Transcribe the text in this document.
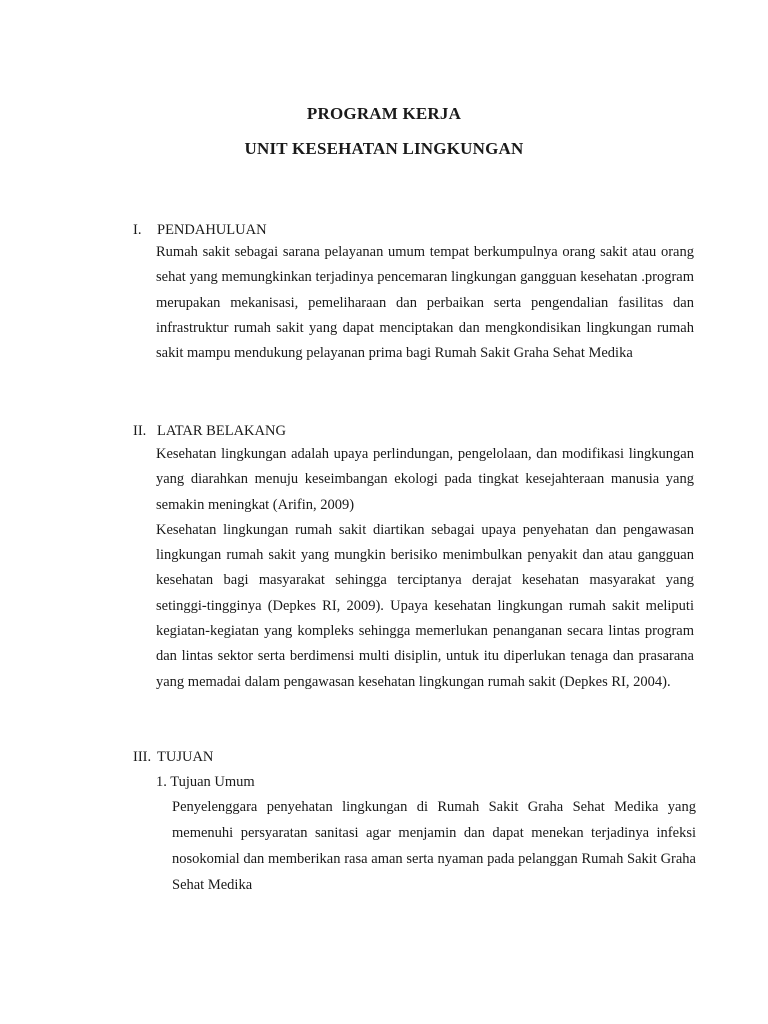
PROGRAM KERJA
UNIT KESEHATAN LINGKUNGAN
I. PENDAHULUAN

Rumah sakit sebagai sarana pelayanan umum tempat berkumpulnya orang sakit atau orang sehat yang memungkinkan terjadinya pencemaran lingkungan gangguan kesehatan .program merupakan mekanisasi, pemeliharaan dan perbaikan serta pengendalian fasilitas dan infrastruktur rumah sakit yang dapat menciptakan dan mengkondisikan lingkungan rumah sakit mampu mendukung pelayanan prima bagi Rumah Sakit Graha Sehat Medika

II. LATAR BELAKANG

Kesehatan lingkungan adalah upaya perlindungan, pengelolaan, dan modifikasi lingkungan yang diarahkan menuju keseimbangan ekologi pada tingkat kesejahteraan manusia yang semakin meningkat (Arifin, 2009)

Kesehatan lingkungan rumah sakit diartikan sebagai upaya penyehatan dan pengawasan lingkungan rumah sakit yang mungkin berisiko menimbulkan penyakit dan atau gangguan kesehatan bagi masyarakat sehingga terciptanya derajat kesehatan masyarakat yang setinggi-tingginya (Depkes RI, 2009). Upaya kesehatan lingkungan rumah sakit meliputi kegiatan-kegiatan yang kompleks sehingga memerlukan penanganan secara lintas program dan lintas sektor serta berdimensi multi disiplin, untuk itu diperlukan tenaga dan prasarana yang memadai dalam pengawasan kesehatan lingkungan rumah sakit (Depkes RI, 2004).

III. TUJUAN
1. Tujuan Umum
Penyelenggara penyehatan lingkungan di Rumah Sakit Graha Sehat Medika yang memenuhi persyaratan sanitasi agar menjamin dan dapat menekan terjadinya infeksi nosokomial dan memberikan rasa aman serta nyaman pada pelanggan Rumah Sakit Graha Sehat Medika
